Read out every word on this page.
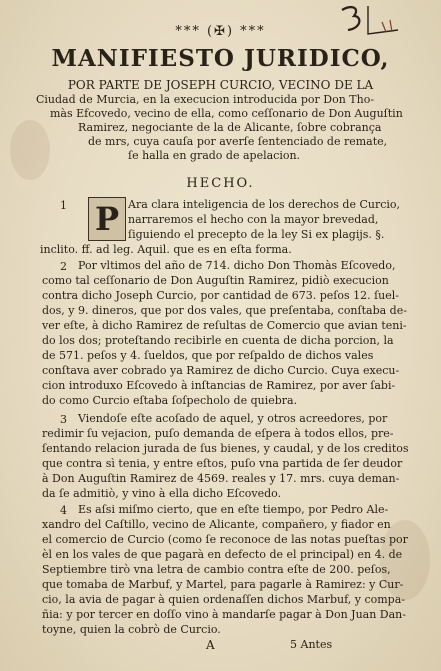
*** (✠) ***
MANIFIESTO JURIDICO,
POR PARTE DE JOSEPH CURCIO, VECINO DE LA
Ciudad de Murcia, en la execucion introducida por Don Tho-
màs Efcovedo, vecino de ella, como ceſſonario de Don Auguſtin
Ramirez, negociante de la de Alicante, ſobre cobrança
de mrs, cuya cauſa por averſe ſentenciado de remate,
ſe halla en grado de apelacion.
HECHO.
1 P Ara clara inteligencia de los derechos de Curcio,
narraremos el hecho con la mayor brevedad,
ſiguiendo el precepto de la ley Si ex plagijs. §.
inclito. ff. ad leg. Aquil. que es en eſta forma.
2 Por vltimos del año de 714. dicho Don Thomàs Eſcovedo,
como tal ceſſonario de Don Auguſtin Ramirez, pidiò execucion
contra dicho Joseph Curcio, por cantidad de 673. peſos 12. ſuel-
dos, y 9. dineros, que por dos vales, que preſentaba, conſtaba de-
ver eſte, à dicho Ramirez de reſultas de Comercio que avian teni-
do los dos; proteſtando recibirle en cuenta de dicha porcion, la
de 571. peſos y 4. ſueldos, que por reſpaldo de dichos vales
conſtava aver cobrado ya Ramirez de dicho Curcio. Cuya execu-
cion introduxo Eſcovedo à inſtancias de Ramirez, por aver ſabi-
do como Curcio eſtaba ſoſpecholo de quiebra.
3 Viendoſe eſte acoſado de aquel, y otros acreedores, por
redimir ſu vejacion, puſo demanda de eſpera à todos ellos, pre-
ſentando relacion jurada de ſus bienes, y caudal, y de los creditos
que contra sì tenia, y entre eſtos, puſo vna partida de ſer deudor
à Don Auguſtin Ramirez de 4569. reales y 17. mrs. cuya deman-
da ſe admitiò, y vino à ella dicho Eſcovedo.
4 Es aſsi miſmo cierto, que en eſte tiempo, por Pedro Ale-
xandro del Caſtillo, vecino de Alicante, compañero, y fiador en
el comercio de Curcio (como ſe reconoce de las notas pueſtas por
èl en los vales de que pagarà en defecto de el principal) en 4. de
Septiembre tirò vna letra de cambio contra eſte de 200. peſos,
que tomaba de Marbuf, y Martel, para pagarle à Ramirez: y Cur-
cio, la avia de pagar à quien ordenaſſen dichos Marbuf, y compa-
ñia: y por tercer en doſſo vino à mandarſe pagar à Don Juan Dan-
toyne, quien la cobrò de Curcio.
A	5 Antes
